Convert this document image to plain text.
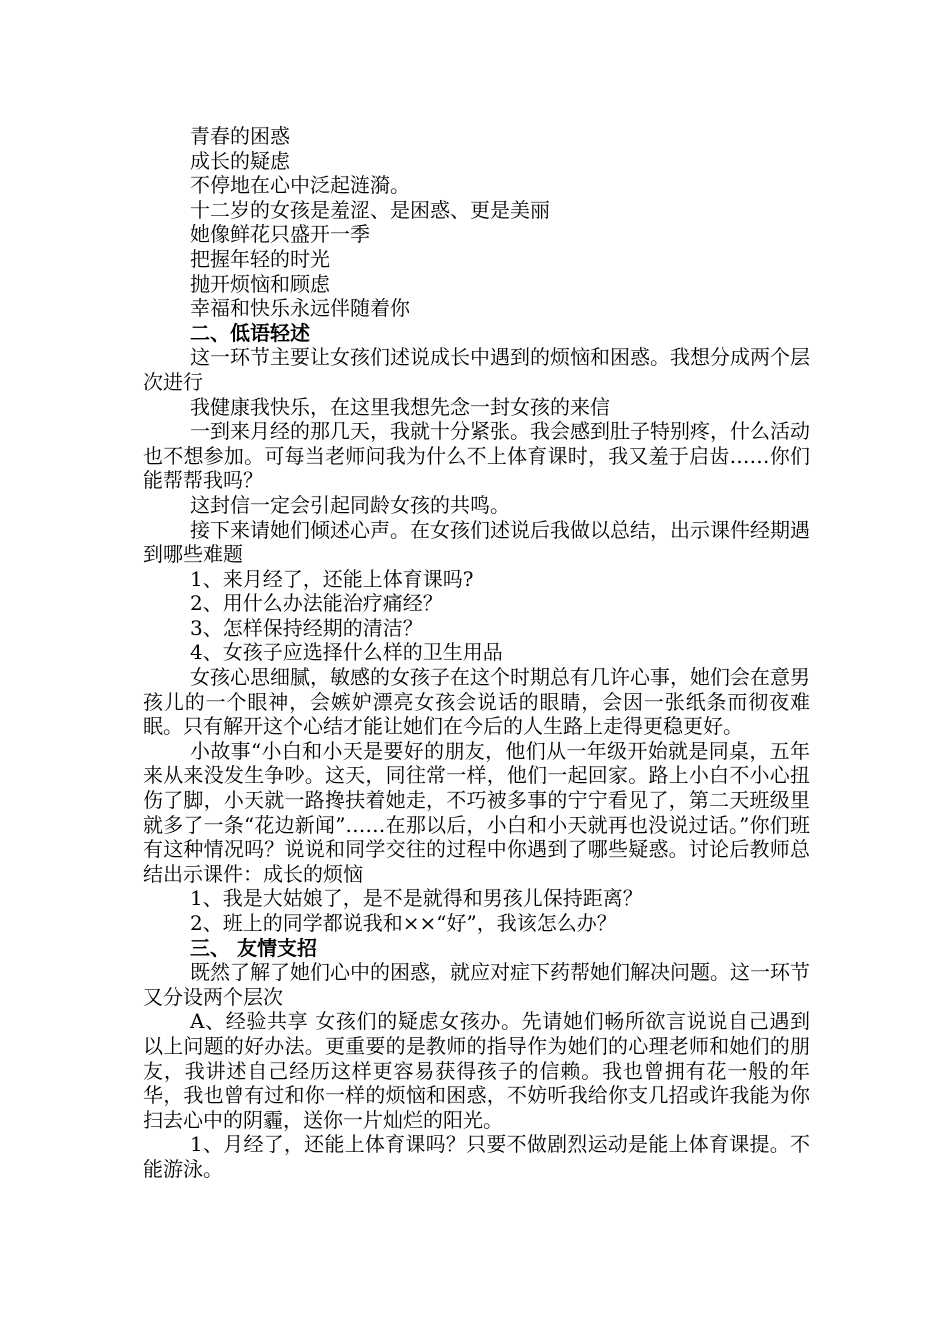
青春的困惑
成长的疑虑
不停地在心中泛起涟漪。
十二岁的女孩是羞涩、是困惑、更是美丽
她像鲜花只盛开一季
把握年轻的时光
抛开烦恼和顾虑
幸福和快乐永远伴随着你
二、低语轻述
这一环节主要让女孩们述说成长中遇到的烦恼和困惑。我想分成两个层次进行
我健康我快乐，在这里我想先念一封女孩的来信
一到来月经的那几天，我就十分紧张。我会感到肚子特别疼，什么活动也不想参加。可每当老师问我为什么不上体育课时，我又羞于启齿……你们能帮帮我吗？
这封信一定会引起同龄女孩的共鸣。
接下来请她们倾述心声。在女孩们述说后我做以总结，出示课件经期遇到哪些难题
1、来月经了，还能上体育课吗?
2、用什么办法能治疗痛经？
3、怎样保持经期的清洁？
4、女孩子应选择什么样的卫生用品
女孩心思细腻，敏感的女孩子在这个时期总有几许心事，她们会在意男孩儿的一个眼神，会嫉妒漂亮女孩会说话的眼睛，会因一张纸条而彻夜难眠。只有解开这个心结才能让她们在今后的人生路上走得更稳更好。
小故事“小白和小天是要好的朋友，他们从一年级开始就是同桌，五年来从来没发生争吵。这天，同往常一样，他们一起回家。路上小白不小心扭伤了脚，小天就一路搀扶着她走，不巧被多事的宁宁看见了，第二天班级里就多了一条“花边新闻”……在那以后，小白和小天就再也没说过话。”你们班有这种情况吗？说说和同学交往的过程中你遇到了哪些疑惑。讨论后教师总结出示课件：成长的烦恼
1、我是大姑娘了，是不是就得和男孩儿保持距离？
2、班上的同学都说我和××“好”，我该怎么办？
三、 友情支招
既然了解了她们心中的困惑，就应对症下药帮她们解决问题。这一环节又分设两个层次
A、经验共享 女孩们的疑虑女孩办。先请她们畅所欲言说说自己遇到以上问题的好办法。更重要的是教师的指导作为她们的心理老师和她们的朋友，我讲述自己经历这样更容易获得孩子的信赖。我也曾拥有花一般的年华，我也曾有过和你一样的烦恼和困惑，不妨听我给你支几招或许我能为你扫去心中的阴霾，送你一片灿烂的阳光。
1、月经了，还能上体育课吗？只要不做剧烈运动是能上体育课提。不能游泳。
